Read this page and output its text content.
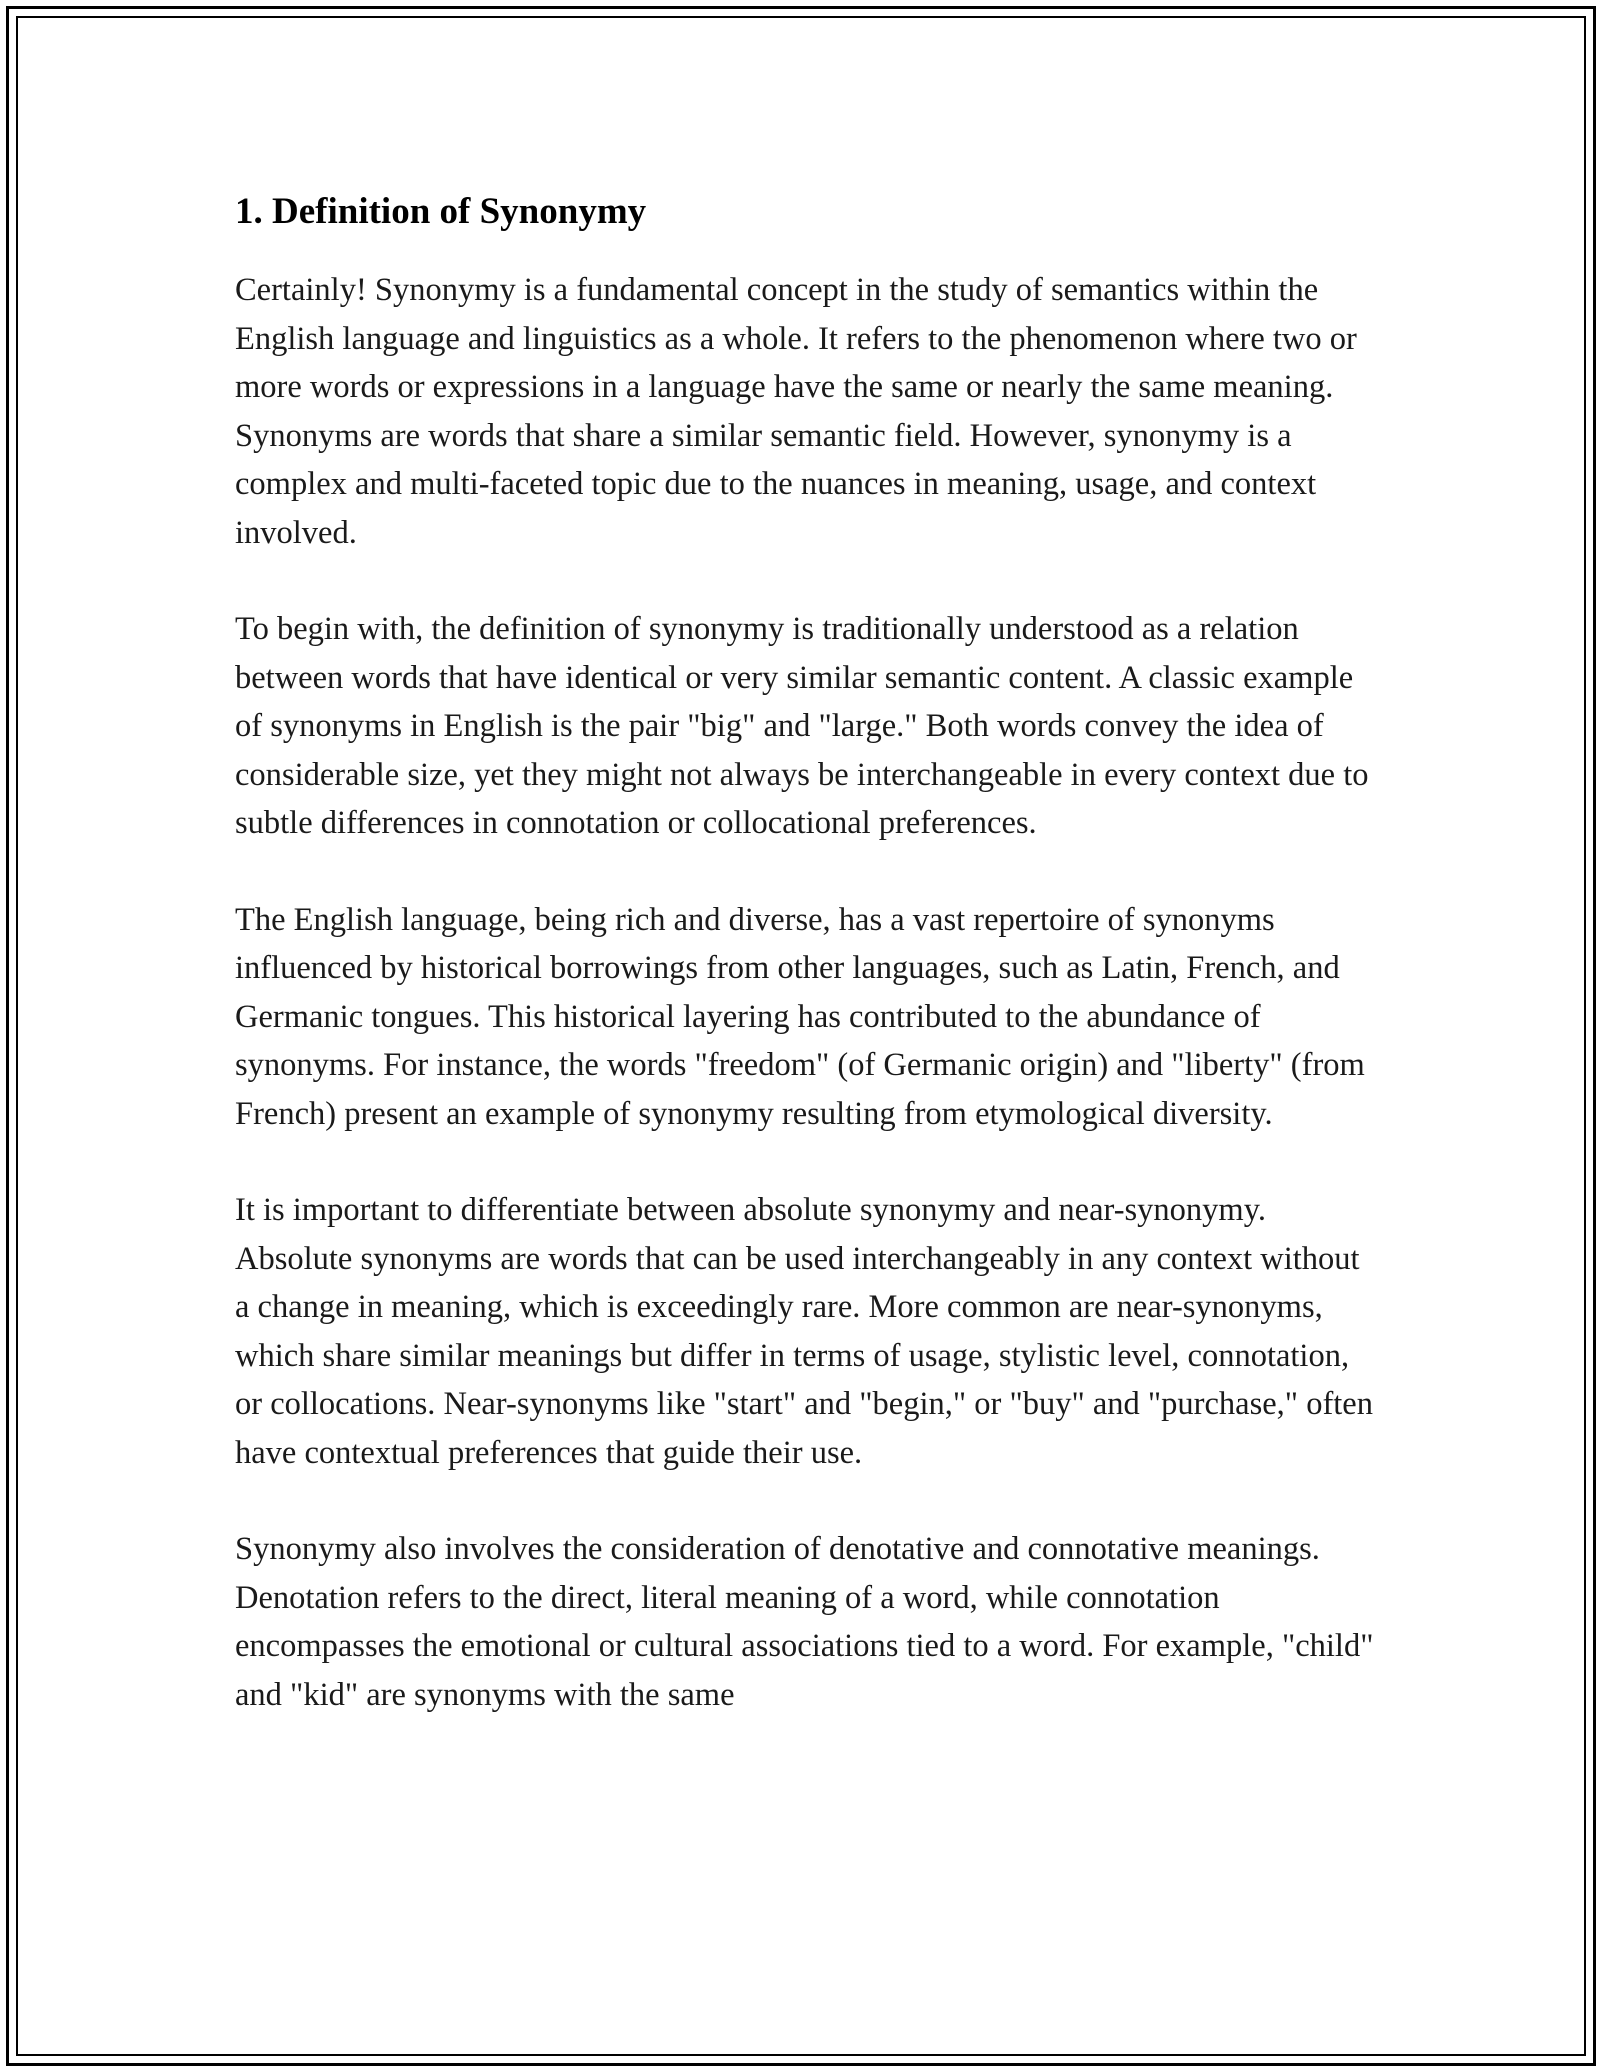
1. Definition of Synonymy

Certainly! Synonymy is a fundamental concept in the study of semantics within the English language and linguistics as a whole. It refers to the phenomenon where two or more words or expressions in a language have the same or nearly the same meaning. Synonyms are words that share a similar semantic field. However, synonymy is a complex and multi-faceted topic due to the nuances in meaning, usage, and context involved.

To begin with, the definition of synonymy is traditionally understood as a relation between words that have identical or very similar semantic content. A classic example of synonyms in English is the pair "big" and "large." Both words convey the idea of considerable size, yet they might not always be interchangeable in every context due to subtle differences in connotation or collocational preferences.

The English language, being rich and diverse, has a vast repertoire of synonyms influenced by historical borrowings from other languages, such as Latin, French, and Germanic tongues. This historical layering has contributed to the abundance of synonyms. For instance, the words "freedom" (of Germanic origin) and "liberty" (from French) present an example of synonymy resulting from etymological diversity.

It is important to differentiate between absolute synonymy and near-synonymy. Absolute synonyms are words that can be used interchangeably in any context without a change in meaning, which is exceedingly rare. More common are near-synonyms, which share similar meanings but differ in terms of usage, stylistic level, connotation, or collocations. Near-synonyms like "start" and "begin," or "buy" and "purchase," often have contextual preferences that guide their use.

Synonymy also involves the consideration of denotative and connotative meanings. Denotation refers to the direct, literal meaning of a word, while connotation encompasses the emotional or cultural associations tied to a word. For example, "child" and "kid" are synonyms with the same
